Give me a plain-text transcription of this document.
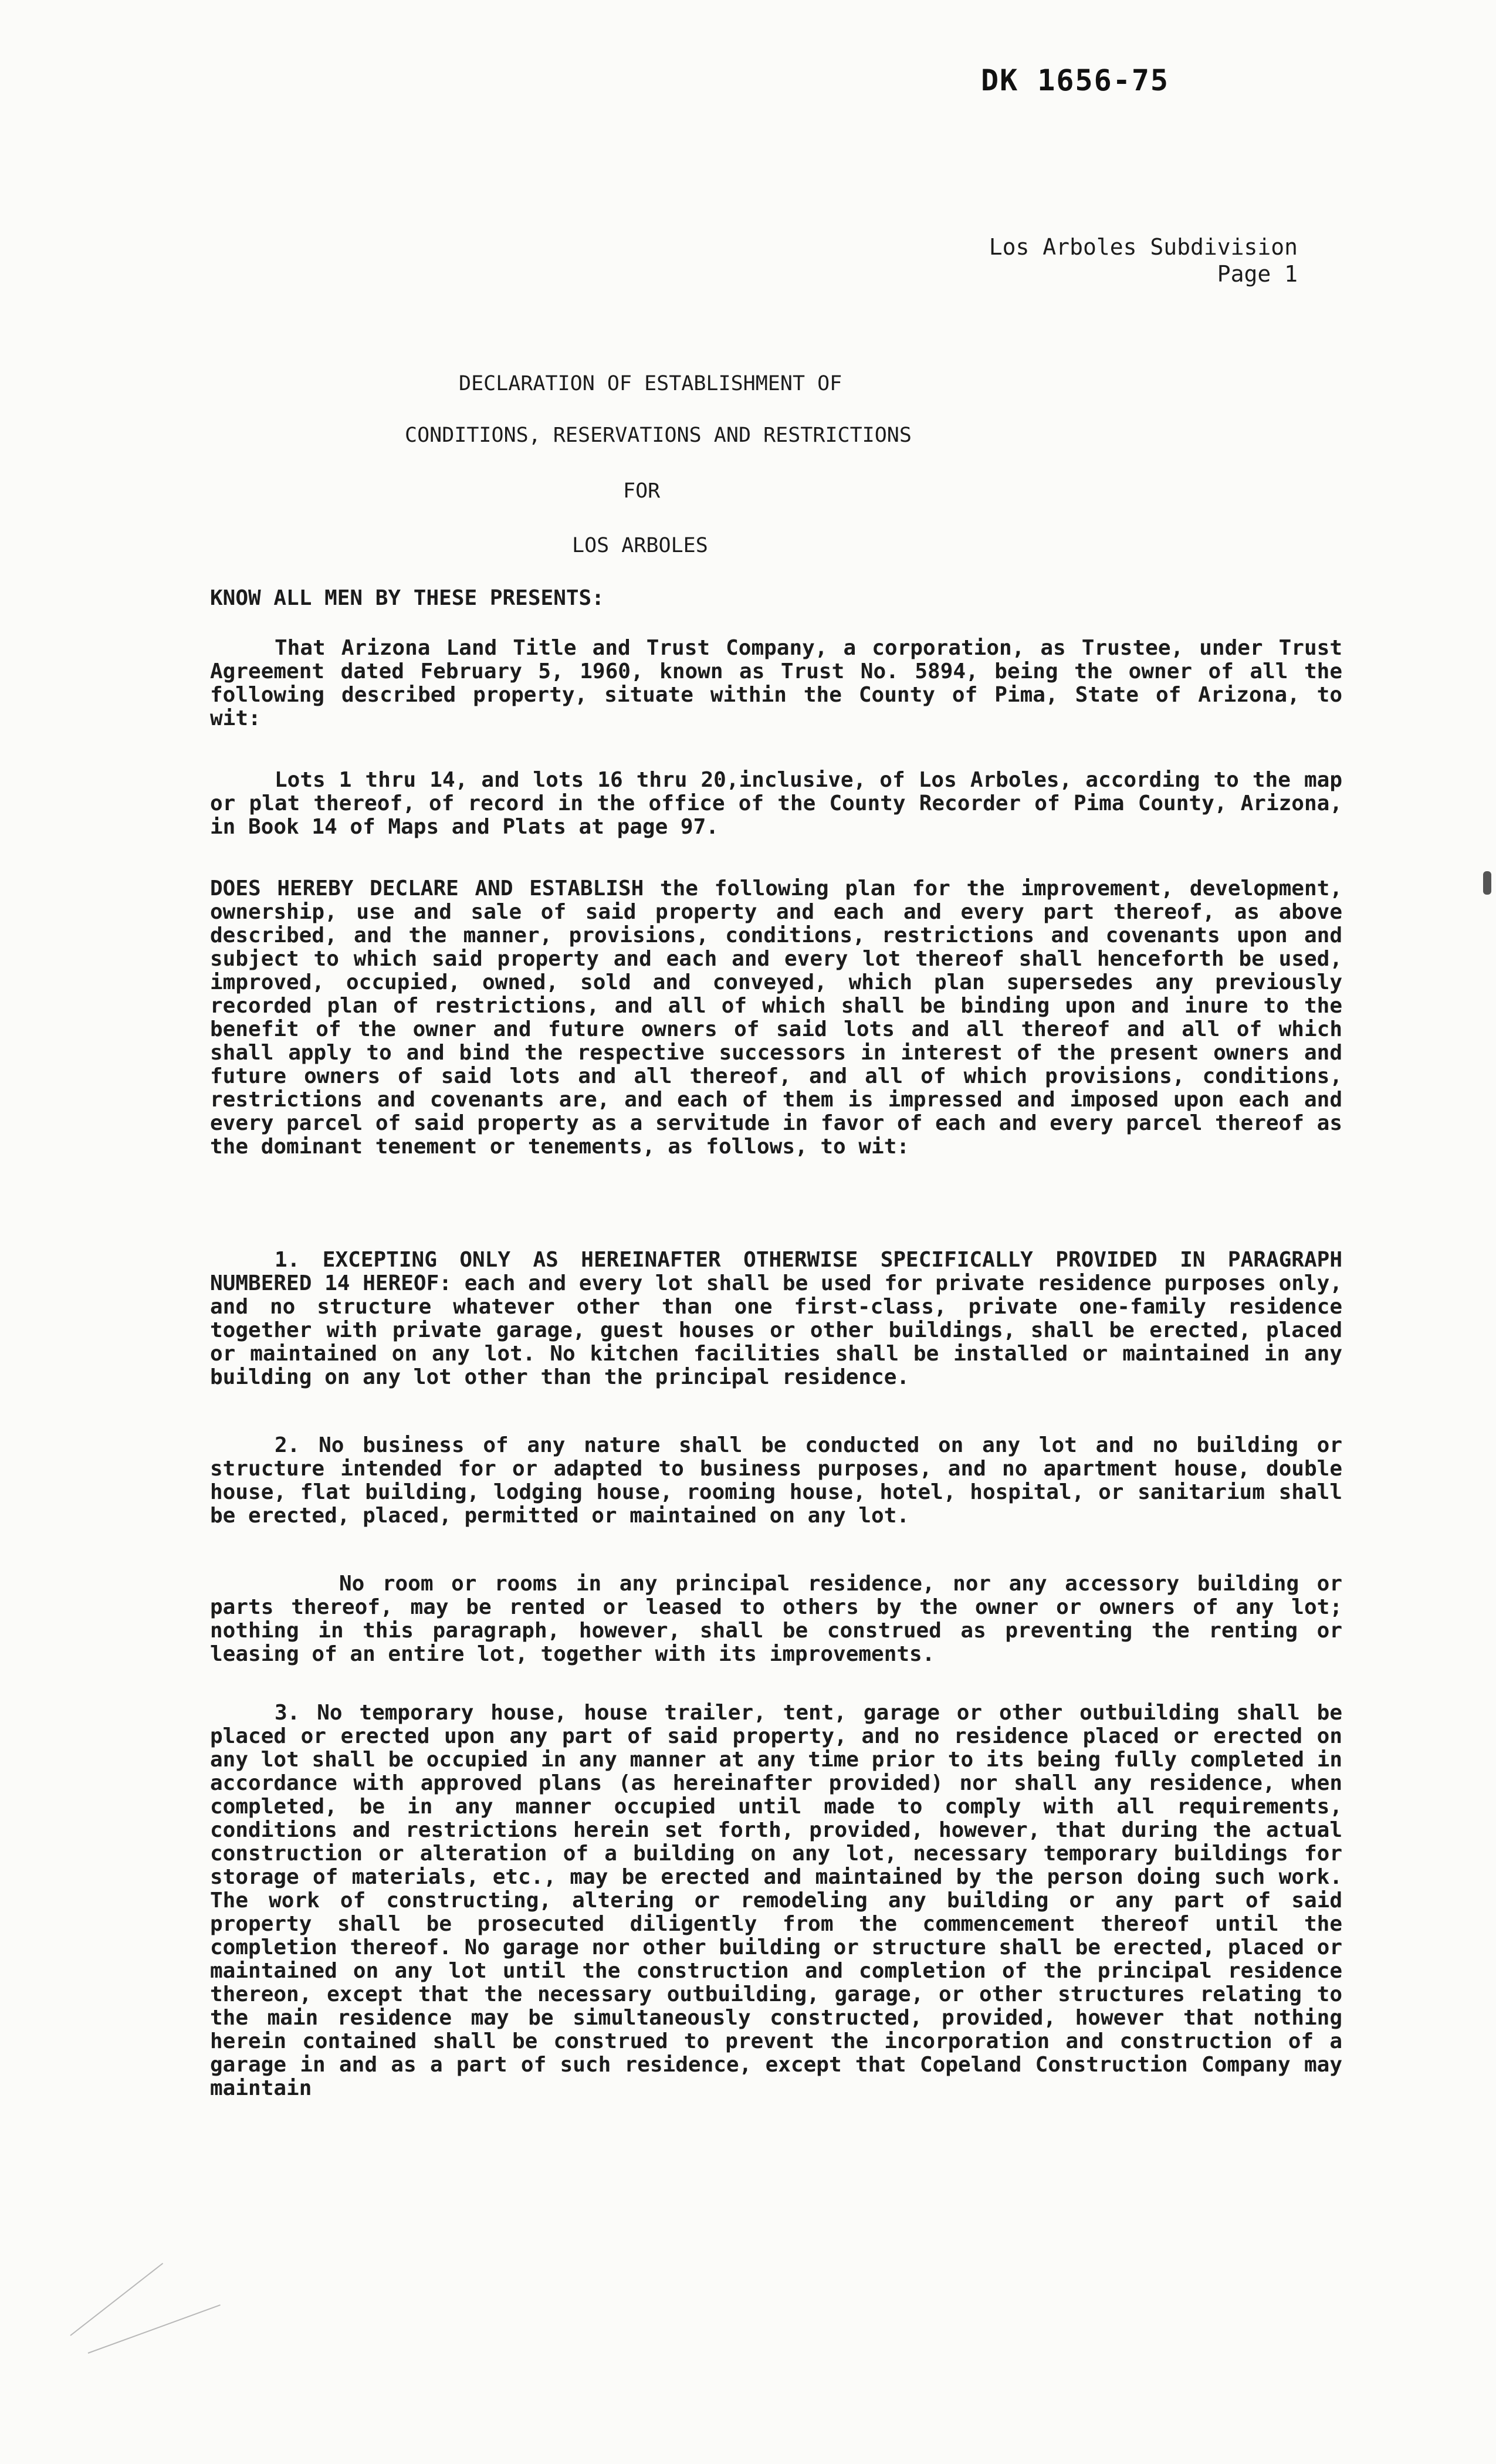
DK 1656-75
Los Arboles Subdivision
Page 1
DECLARATION OF ESTABLISHMENT OF
CONDITIONS, RESERVATIONS AND RESTRICTIONS
FOR
LOS ARBOLES
KNOW ALL MEN BY THESE PRESENTS:
That Arizona Land Title and Trust Company, a corporation, as Trustee, under Trust Agreement dated February 5, 1960, known as Trust No. 5894, being the owner of all the following described property, situate within the County of Pima, State of Arizona, to wit:
Lots 1 thru 14, and lots 16 thru 20,inclusive, of Los Arboles, according to the map or plat thereof, of record in the office of the County Recorder of Pima County, Arizona, in Book 14 of Maps and Plats at page 97.
DOES HEREBY DECLARE AND ESTABLISH the following plan for the improvement, development, ownership, use and sale of said property and each and every part thereof, as above described, and the manner, provisions, conditions, restrictions and covenants upon and subject to which said property and each and every lot thereof shall henceforth be used, improved, occupied, owned, sold and conveyed, which plan supersedes any previously recorded plan of restrictions, and all of which shall be binding upon and inure to the benefit of the owner and future owners of said lots and all thereof and all of which shall apply to and bind the respective successors in interest of the present owners and future owners of said lots and all thereof, and all of which provisions, conditions, restrictions and covenants are, and each of them is impressed and imposed upon each and every parcel of said property as a servitude in favor of each and every parcel thereof as the dominant tenement or tenements, as follows, to wit:
1. EXCEPTING ONLY AS HEREINAFTER OTHERWISE SPECIFICALLY PROVIDED IN PARAGRAPH NUMBERED 14 HEREOF: each and every lot shall be used for private residence purposes only, and no structure whatever other than one first-class, private one-family residence together with private garage, guest houses or other buildings, shall be erected, placed or maintained on any lot. No kitchen facilities shall be installed or maintained in any building on any lot other than the principal residence.
2. No business of any nature shall be conducted on any lot and no building or structure intended for or adapted to business purposes, and no apartment house, double house, flat building, lodging house, rooming house, hotel, hospital, or sanitarium shall be erected, placed, permitted or maintained on any lot.
No room or rooms in any principal residence, nor any accessory building or parts thereof, may be rented or leased to others by the owner or owners of any lot; nothing in this paragraph, however, shall be construed as preventing the renting or leasing of an entire lot, together with its improvements.
3. No temporary house, house trailer, tent, garage or other outbuilding shall be placed or erected upon any part of said property, and no residence placed or erected on any lot shall be occupied in any manner at any time prior to its being fully completed in accordance with approved plans (as hereinafter provided) nor shall any residence, when completed, be in any manner occupied until made to comply with all requirements, conditions and restrictions herein set forth, provided, however, that during the actual construction or alteration of a building on any lot, necessary temporary buildings for storage of materials, etc., may be erected and maintained by the person doing such work. The work of constructing, altering or remodeling any building or any part of said property shall be prosecuted diligently from the commencement thereof until the completion thereof. No garage nor other building or structure shall be erected, placed or maintained on any lot until the construction and completion of the principal residence thereon, except that the necessary outbuilding, garage, or other structures relating to the main residence may be simultaneously constructed, provided, however that nothing herein contained shall be construed to prevent the incorporation and construction of a garage in and as a part of such residence, except that Copeland Construction Company may maintain
